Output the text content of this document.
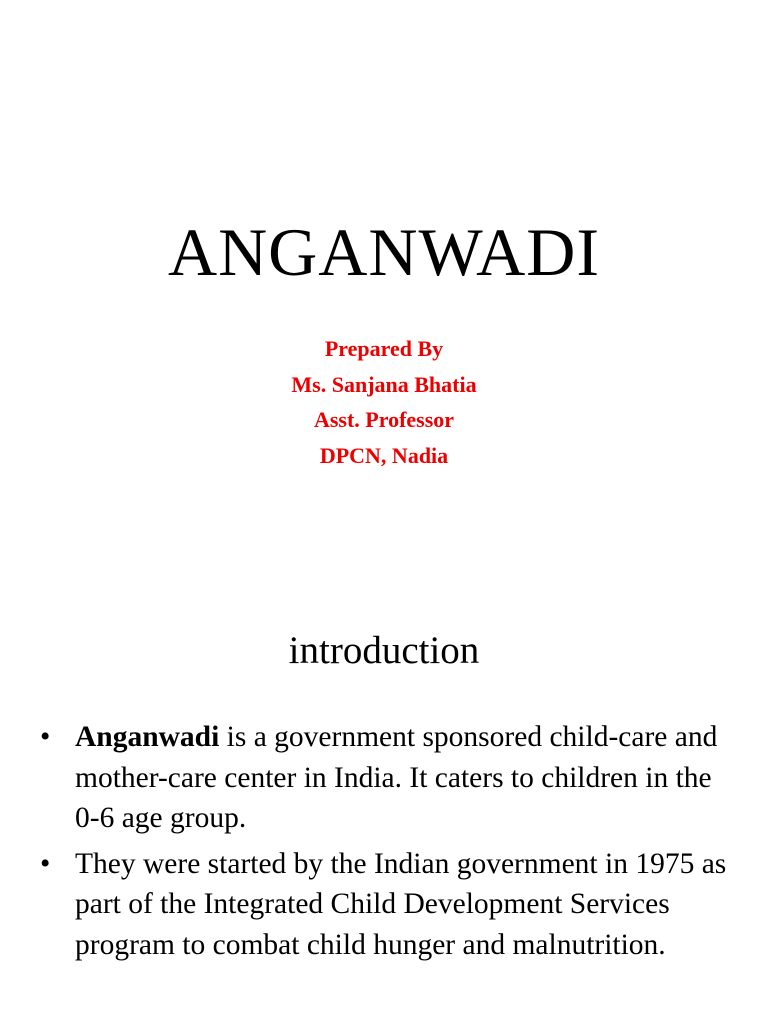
ANGANWADI
Prepared By
Ms. Sanjana Bhatia
Asst. Professor
DPCN, Nadia
introduction
• Anganwadi is a government sponsored child-care and mother-care center in India. It caters to children in the 0-6 age group.
• They were started by the Indian government in 1975 as part of the Integrated Child Development Services program to combat child hunger and malnutrition.
